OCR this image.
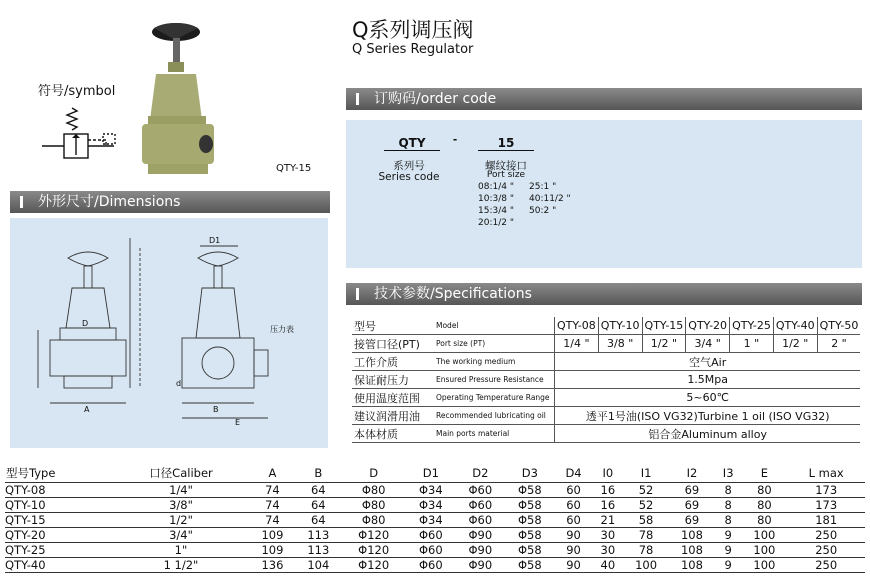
Q系列调压阀
Q Series Regulator
符号/symbol
QTY-15
外形尺寸/Dimensions
订购码/order code
技术参数/Specifications
QTY	-	15
系列号
Series code
螺纹接口
Port size
08:1/4 "
10:3/8 "
15:3/4 "
20:1/2 "
25:1 "
40:11/2 "
50:2 "
A	B
E
D1
D
d
压力表	型号	Model	QTY-08	QTY-10	QTY-15	QTY-20	QTY-25	QTY-40	QTY-50
接管口径(PT)	Port size (PT)	1/4 "	3/8 "	1/2 "	3/4 "	1 "	1/2 "	2 "
工作介质	The working medium	空气Air						
保证耐压力	Ensured Pressure Resistance	1.5Mpa						
使用温度范围	Operating Temperature Range	5~60℃						
建议润滑用油	Recommended lubricating oil	透平1号油(ISO VG32)Turbine 1 oil (ISO VG32)						
本体材质	Main ports material	铝合金Aluminum alloy						
型号Type	口径Caliber	A	B	D	D1	D2	D3	D4	I0	I1	I2	I3	E	L max
QTY-08	1/4"	74	64	Φ80	Φ34	Φ60	Φ58	60	16	52	69	8	80	173
QTY-10	3/8"	74	64	Φ80	Φ34	Φ60	Φ58	60	16	52	69	8	80	173
QTY-15	1/2"	74	64	Φ80	Φ34	Φ60	Φ58	60	21	58	69	8	80	181
QTY-20	3/4"	109	113	Φ120	Φ60	Φ90	Φ58	90	30	78	108	9	100	250
QTY-25	1"	109	113	Φ120	Φ60	Φ90	Φ58	90	30	78	108	9	100	250
QTY-40	1 1/2"	136	104	Φ120	Φ60	Φ90	Φ58	90	40	100	108	9	100	250
